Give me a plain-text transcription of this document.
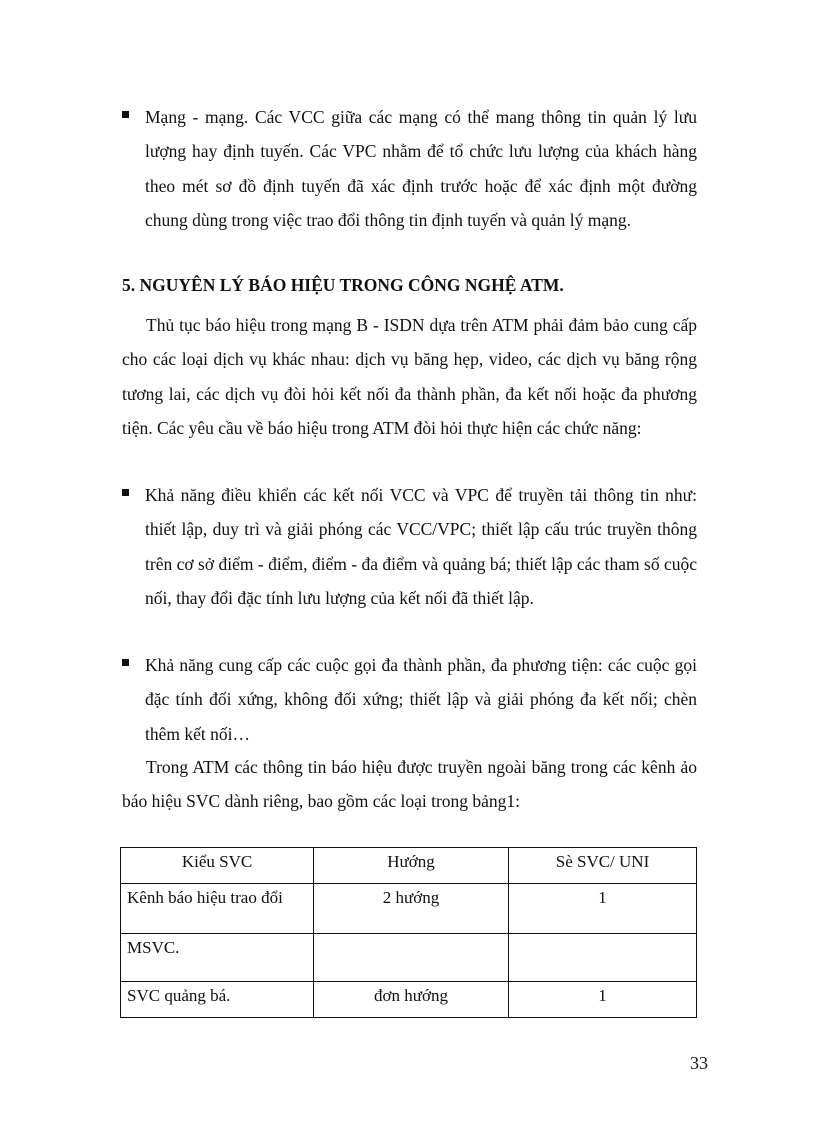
Mạng - mạng. Các VCC giữa các mạng có thể mang thông tin quản lý lưu lượng hay định tuyến. Các VPC nhằm để tổ chức lưu lượng của khách hàng theo mét sơ đồ định tuyến đã xác định trước hoặc để xác định một đường chung dùng trong việc trao đổi thông tin định tuyến và quản lý mạng.
5. NGUYÊN LÝ BÁO HIỆU TRONG CÔNG NGHỆ ATM.
Thủ tục báo hiệu trong mạng B - ISDN dựa trên ATM phải đảm bảo cung cấp cho các loại dịch vụ khác nhau: dịch vụ băng hẹp, video, các dịch vụ băng rộng tương lai, các dịch vụ đòi hỏi kết nối đa thành phần, đa kết nối hoặc đa phương tiện. Các yêu cầu về báo hiệu trong ATM đòi hỏi thực hiện các chức năng:
Khả năng điều khiển các kết nối VCC và VPC để truyền tải thông tin như: thiết lập, duy trì và giải phóng các VCC/VPC; thiết lập cấu trúc truyền thông trên cơ sở điểm - điểm, điểm - đa điểm và quảng bá; thiết lập các tham số cuộc nối, thay đổi đặc tính lưu lượng của kết nối đã thiết lập.
Khả năng cung cấp các cuộc gọi đa thành phần, đa phương tiện: các cuộc gọi đặc tính đối xứng, không đối xứng; thiết lập và giải phóng đa kết nối; chèn thêm kết nối…
Trong ATM các thông tin báo hiệu được truyền ngoài băng trong các kênh ảo báo hiệu SVC dành riêng, bao gồm các loại trong bảng1:
Kiểu SVC	Hướng	Sè SVC/ UNI
Kênh báo hiệu trao đổi	2 hướng	1
MSVC.		
SVC quảng bá.	đơn hướng	1
33
